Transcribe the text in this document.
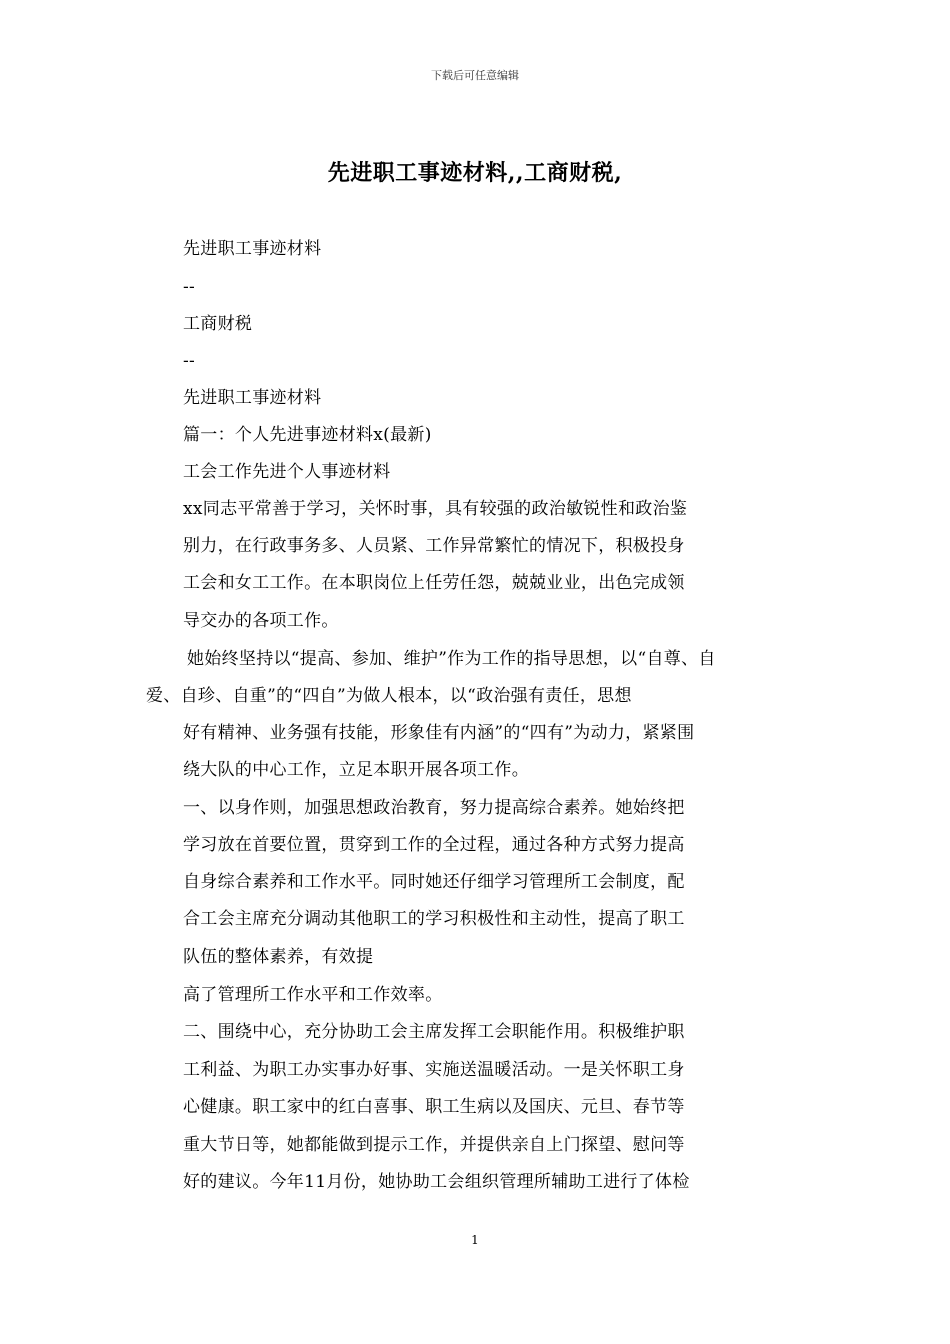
下载后可任意编辑
先进职工事迹材料,,工商财税,
先进职工事迹材料
--
工商财税
--
先进职工事迹材料
篇一：个人先进事迹材料x(最新)
工会工作先进个人事迹材料
xx同志平常善于学习，关怀时事，具有较强的政治敏锐性和政治鉴
别力，在行政事务多、人员紧、工作异常繁忙的情况下，积极投身
工会和女工工作。在本职岗位上任劳任怨，兢兢业业，出色完成领
导交办的各项工作。
她始终坚持以“提高、参加、维护”作为工作的指导思想，以“自尊、自
爱、自珍、自重”的“四自”为做人根本，以“政治强有责任，思想
好有精神、业务强有技能，形象佳有内涵”的“四有”为动力，紧紧围
绕大队的中心工作，立足本职开展各项工作。
一、以身作则，加强思想政治教育，努力提高综合素养。她始终把
学习放在首要位置，贯穿到工作的全过程，通过各种方式努力提高
自身综合素养和工作水平。同时她还仔细学习管理所工会制度，配
合工会主席充分调动其他职工的学习积极性和主动性，提高了职工
队伍的整体素养，有效提
高了管理所工作水平和工作效率。
二、围绕中心，充分协助工会主席发挥工会职能作用。积极维护职
工利益、为职工办实事办好事、实施送温暖活动。一是关怀职工身
心健康。职工家中的红白喜事、职工生病以及国庆、元旦、春节等
重大节日等，她都能做到提示工作，并提供亲自上门探望、慰问等
好的建议。今年11月份，她协助工会组织管理所辅助工进行了体检
1
